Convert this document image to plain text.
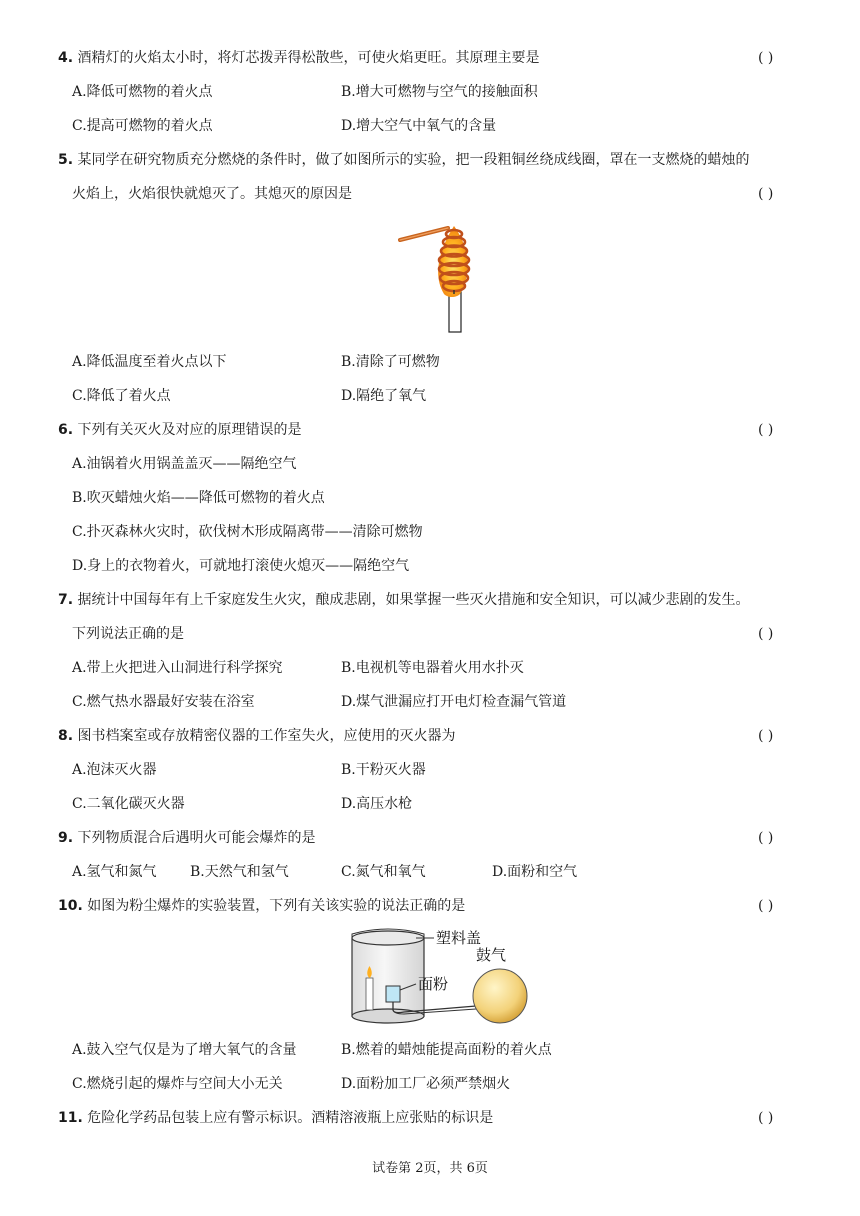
4. 酒精灯的火焰太小时，将灯芯拨弄得松散些，可使火焰更旺。其原理主要是	( )
A.降低可燃物的着火点	B.增大可燃物与空气的接触面积
C.提高可燃物的着火点	D.增大空气中氧气的含量
5. 某同学在研究物质充分燃烧的条件时，做了如图所示的实验，把一段粗铜丝绕成线圈，罩在一支燃烧的蜡烛的
火焰上，火焰很快就熄灭了。其熄灭的原因是	( )
A.降低温度至着火点以下	B.清除了可燃物
C.降低了着火点	D.隔绝了氧气
6. 下列有关灭火及对应的原理错误的是	( )
A.油锅着火用锅盖盖灭——隔绝空气
B.吹灭蜡烛火焰——降低可燃物的着火点
C.扑灭森林火灾时，砍伐树木形成隔离带——清除可燃物
D.身上的衣物着火，可就地打滚使火熄灭——隔绝空气
7. 据统计中国每年有上千家庭发生火灾，酿成悲剧，如果掌握一些灭火措施和安全知识，可以减少悲剧的发生。
下列说法正确的是	( )
A.带上火把进入山洞进行科学探究	B.电视机等电器着火用水扑灭
C.燃气热水器最好安装在浴室	D.煤气泄漏应打开电灯检查漏气管道
8. 图书档案室或存放精密仪器的工作室失火，应使用的灭火器为	( )
A.泡沫灭火器	B.干粉灭火器
C.二氧化碳灭火器	D.高压水枪
9. 下列物质混合后遇明火可能会爆炸的是	( )
A.氢气和氮气 B.天然气和氢气	C.氮气和氧气	D.面粉和空气
10. 如图为粉尘爆炸的实验装置，下列有关该实验的说法正确的是	( )
塑料盖
面粉
鼓气
A.鼓入空气仅是为了增大氧气的含量	B.燃着的蜡烛能提高面粉的着火点
C.燃烧引起的爆炸与空间大小无关	D.面粉加工厂必须严禁烟火
11. 危险化学药品包装上应有警示标识。酒精溶液瓶上应张贴的标识是	( )
试卷第 2页，共 6页
